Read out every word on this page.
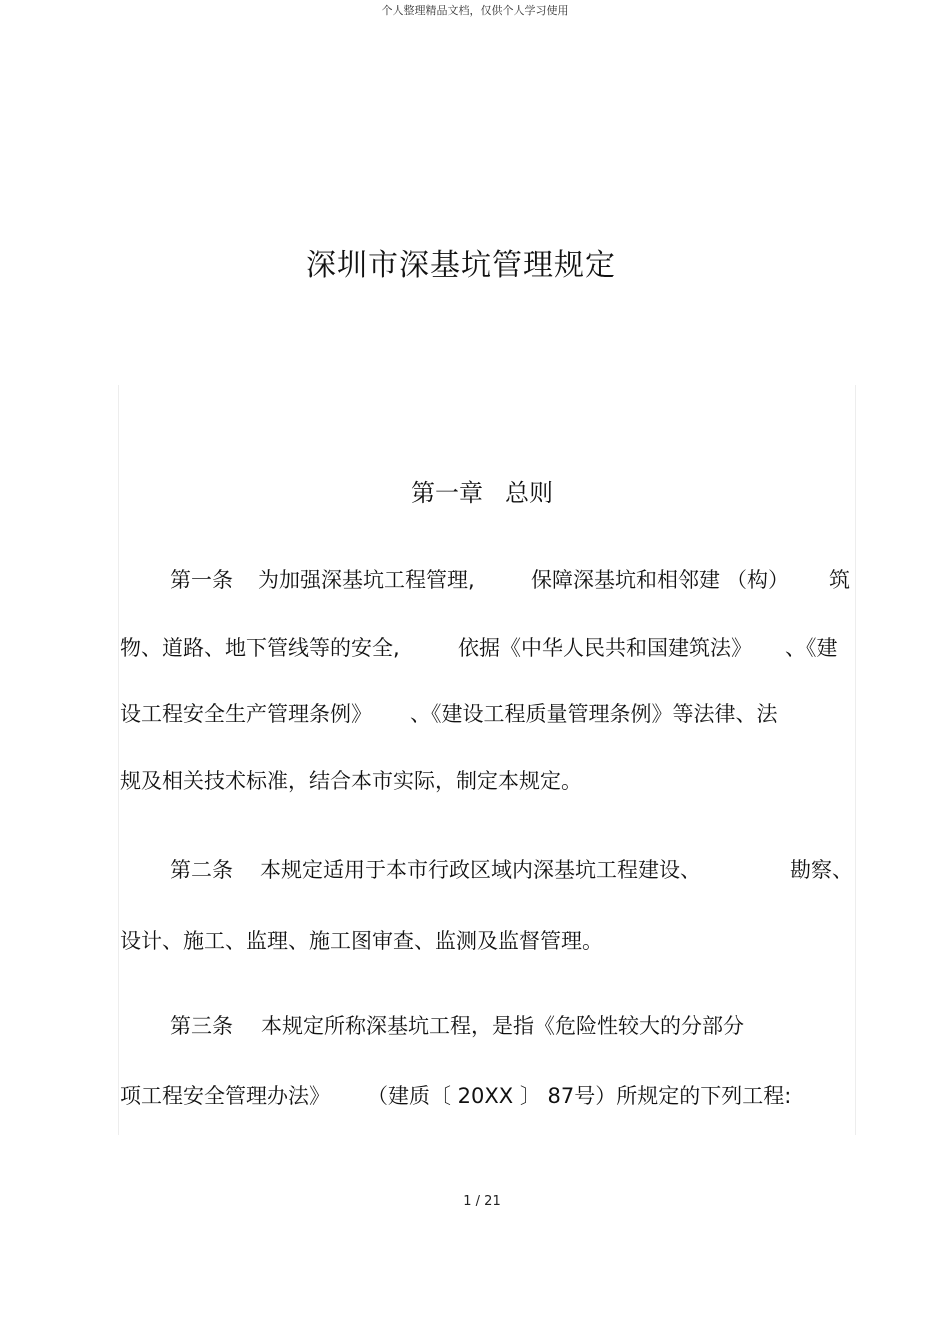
个人整理精品文档，仅供个人学习使用
深圳市深基坑管理规定
第一章 总则
第一条 为加强深基坑工程管理,	保障深基坑和相邻建 （构） 筑
物、道路、地下管线等的安全,	依据《中华人民共和国建筑法》 、《建
设工程安全生产管理条例》 、《建设工程质量管理条例》等法律、法
规及相关技术标准，结合本市实际，制定本规定。
第二条 本规定适用于本市行政区域内深基坑工程建设、	勘察、
设计、施工、监理、施工图审查、监测及监督管理。
第三条 本规定所称深基坑工程，是指《危险性较大的分部分
项工程安全管理办法》 （建质〔 20XX 〕 87号）所规定的下列工程:
1 / 21
